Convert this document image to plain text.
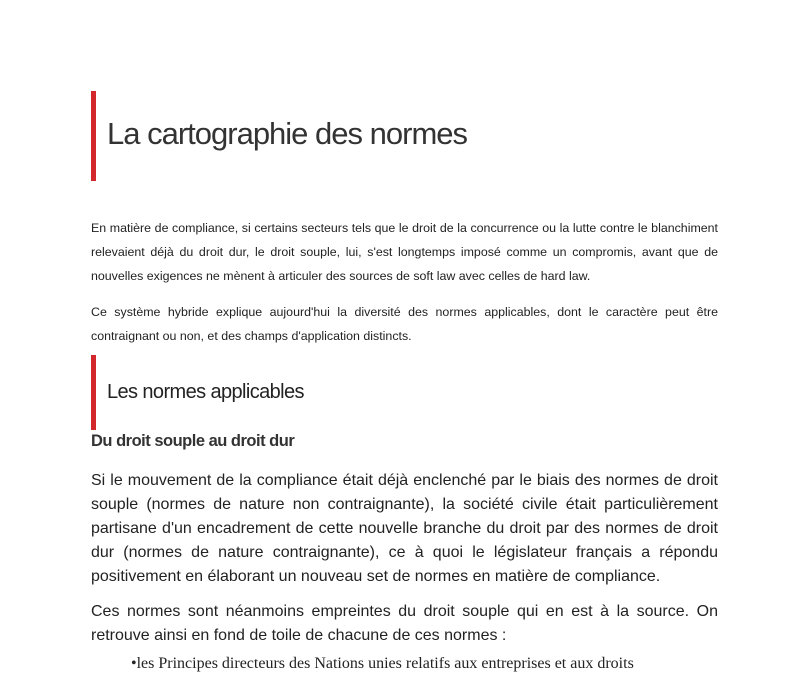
La cartographie des normes

En matière de compliance, si certains secteurs tels que le droit de la concurrence ou la lutte contre le blanchiment relevaient déjà du droit dur, le droit souple, lui, s'est longtemps imposé comme un compromis, avant que de nouvelles exigences ne mènent à articuler des sources de soft law avec celles de hard law.

Ce système hybride explique aujourd'hui la diversité des normes applicables, dont le caractère peut être contraignant ou non, et des champs d'application distincts.

Les normes applicables
Du droit souple au droit dur

Si le mouvement de la compliance était déjà enclenché par le biais des normes de droit souple (normes de nature non contraignante), la société civile était particulièrement partisane d'un encadrement de cette nouvelle branche du droit par des normes de droit dur (normes de nature contraignante), ce à quoi le législateur français a répondu positivement en élaborant un nouveau set de normes en matière de compliance.

Ces normes sont néanmoins empreintes du droit souple qui en est à la source. On retrouve ainsi en fond de toile de chacune de ces normes :

•les Principes directeurs des Nations unies relatifs aux entreprises et aux droits
